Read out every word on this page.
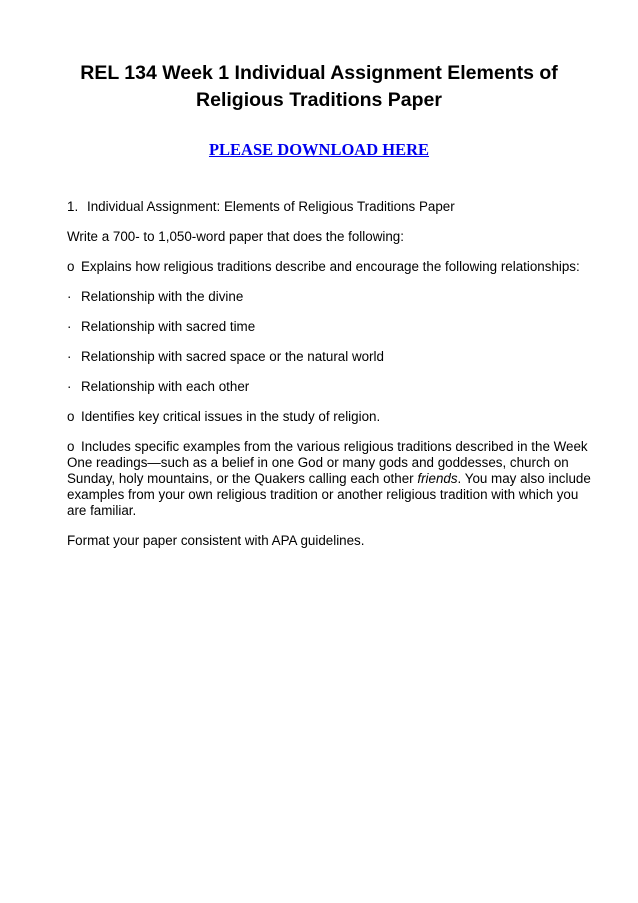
REL 134 Week 1 Individual Assignment Elements of Religious Traditions Paper

PLEASE DOWNLOAD HERE

1. Individual Assignment: Elements of Religious Traditions Paper

Write a 700- to 1,050-word paper that does the following:

o Explains how religious traditions describe and encourage the following relationships:

· Relationship with the divine

· Relationship with sacred time

· Relationship with sacred space or the natural world

· Relationship with each other

o Identifies key critical issues in the study of religion.

o Includes specific examples from the various religious traditions described in the Week One readings—such as a belief in one God or many gods and goddesses, church on Sunday, holy mountains, or the Quakers calling each other friends. You may also include examples from your own religious tradition or another religious tradition with which you are familiar.

Format your paper consistent with APA guidelines.
